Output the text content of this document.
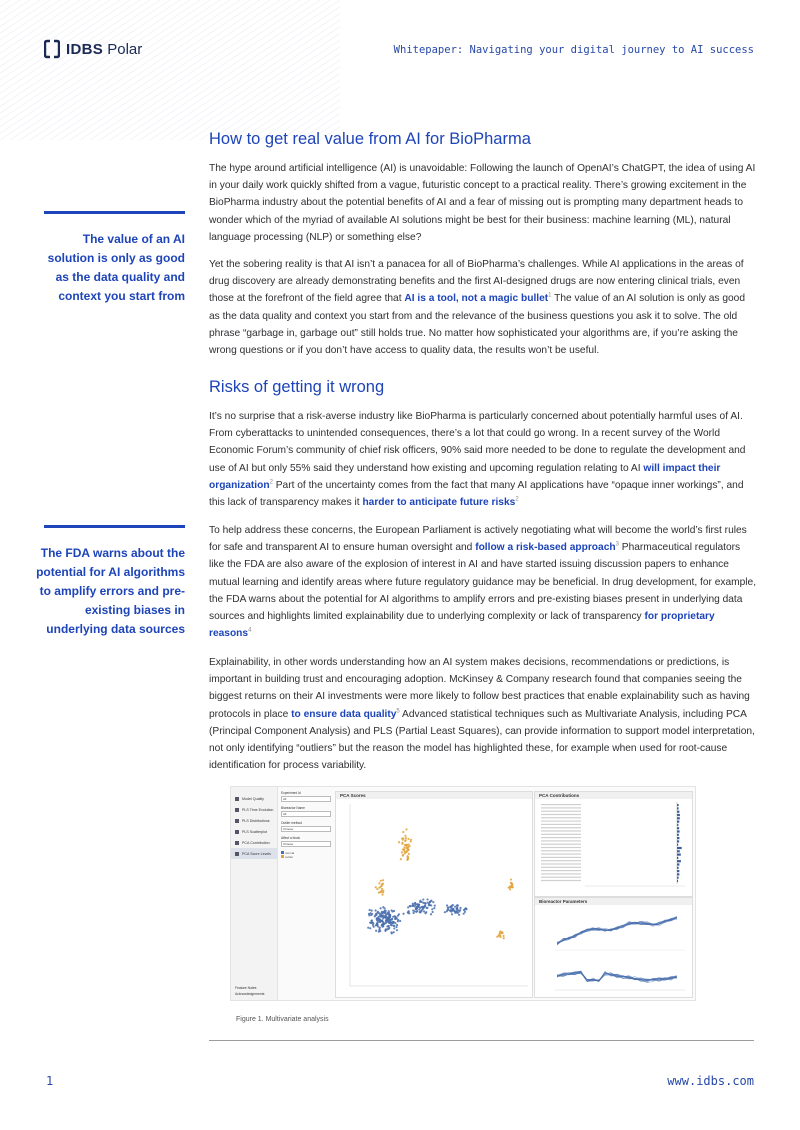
IDBS Polar	Whitepaper: Navigating your digital journey to AI success
How to get real value from AI for BioPharma

The hype around artificial intelligence (AI) is unavoidable: Following the launch of OpenAI’s ChatGPT, the idea of using AI in your daily work quickly shifted from a vague, futuristic concept to a practical reality. There’s growing excitement in the BioPharma industry about the potential benefits of AI and a fear of missing out is prompting many department heads to wonder which of the myriad of available AI solutions might be best for their business: machine learning (ML), natural language processing (NLP) or something else?

Yet the sobering reality is that AI isn’t a panacea for all of BioPharma’s challenges. While AI applications in the areas of drug discovery are already demonstrating benefits and the first AI-designed drugs are now entering clinical trials, even those at the forefront of the field agree that AI is a tool, not a magic bullet$^1$ The value of an AI solution is only as good as the data quality and context you start from and the relevance of the business questions you ask it to solve. The old phrase “garbage in, garbage out” still holds true. No matter how sophisticated your algorithms are, if you’re asking the wrong questions or if you don’t have access to quality data, the results won’t be useful.

The value of an AI solution is only as good as the data quality and context you start from
Risks of getting it wrong

It’s no surprise that a risk-averse industry like BioPharma is particularly concerned about potentially harmful uses of AI. From cyberattacks to unintended consequences, there’s a lot that could go wrong. In a recent survey of the World Economic Forum’s community of chief risk officers, 90% said more needed to be done to regulate the development and use of AI but only 55% said they understand how existing and upcoming regulation relating to AI will impact their organization$^2$ Part of the uncertainty comes from the fact that many AI applications have “opaque inner workings”, and this lack of transparency makes it harder to anticipate future risks$^2$

To help address these concerns, the European Parliament is actively negotiating what will become the world’s first rules for safe and transparent AI to ensure human oversight and follow a risk-based approach$^3$ Pharmaceutical regulators like the FDA are also aware of the explosion of interest in AI and have started issuing discussion papers to enhance mutual learning and identify areas where future regulatory guidance may be beneficial. In drug development, for example, the FDA warns about the potential for AI algorithms to amplify errors and pre-existing biases present in underlying data sources and highlights limited explainability due to underlying complexity or lack of transparency for proprietary reasons$^4$

The FDA warns about the potential for AI algorithms to amplify errors and pre-existing biases in underlying data sources

Explainability, in other words understanding how an AI system makes decisions, recommendations or predictions, is important in building trust and encouraging adoption. McKinsey & Company research found that companies seeing the biggest returns on their AI investments were more likely to follow best practices that enable explainability such as having protocols in place to ensure data quality$^5$ Advanced statistical techniques such as Multivariate Analysis, including PCA (Principal Component Analysis) and PLS (Partial Least Squares), can provide information to support model interpretation, not only identifying “outliers” but the reason the model has highlighted these, for example when used for root-cause identification for process variability.

Model Quality
PLS Time Evolution
PLS Distributions
PLS Scatterplot
PCA Contribution
PCA Score Levels
Feature Notes
Acknowledgements
Experiment Id
All
Bioreactor Name
All
Outlier method
Choose
Affect a block
Choose
normal
outlier
PCA Scores	PCA Contributions
Bioreactor Parameters
Figure 1. Multivariate analysis
1	www.idbs.com
